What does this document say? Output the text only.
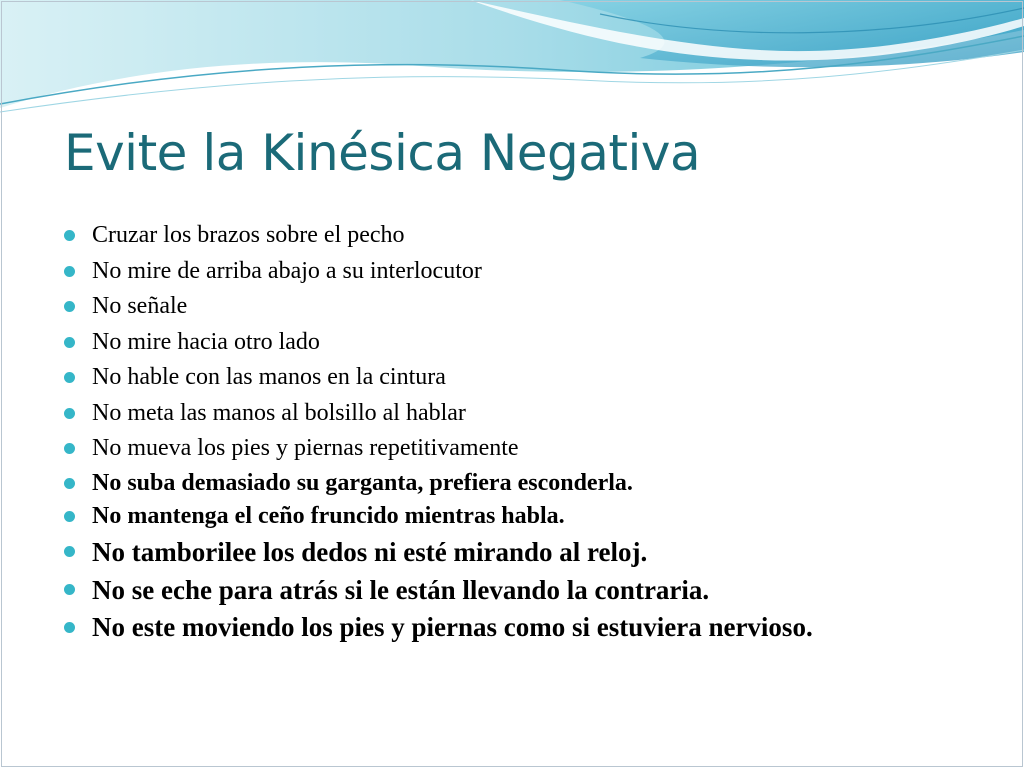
Evite la Kinésica Negativa
Cruzar los brazos sobre el pecho
No mire de arriba abajo a su interlocutor
No señale
No mire hacia otro lado
No hable con las manos en la cintura
No meta las manos al bolsillo al hablar
No mueva los pies y piernas repetitivamente
No suba demasiado su garganta, prefiera esconderla.
No mantenga el ceño fruncido mientras habla.
No tamborilee los dedos ni esté mirando al reloj.
No se eche para atrás si le están llevando la contraria.
No este moviendo los pies y piernas como si estuviera nervioso.
